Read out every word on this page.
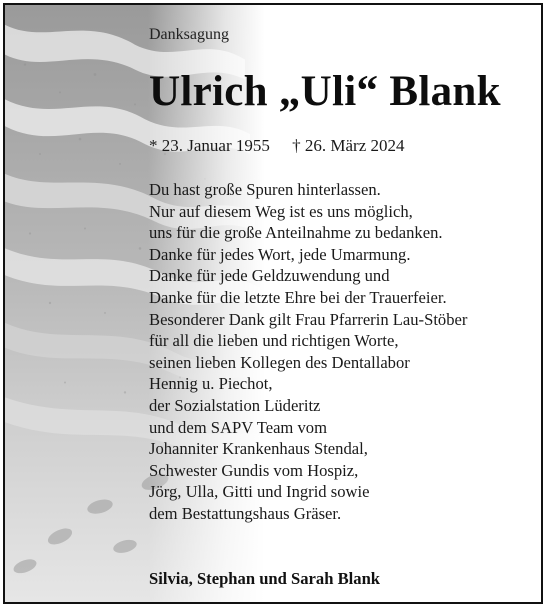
Danksagung
Ulrich „Uli“ Blank
* 23. Januar 1955 † 26. März 2024
Du hast große Spuren hinterlassen.
Nur auf diesem Weg ist es uns möglich,
uns für die große Anteilnahme zu bedanken.
Danke für jedes Wort, jede Umarmung.
Danke für jede Geldzuwendung und
Danke für die letzte Ehre bei der Trauerfeier.
Besonderer Dank gilt Frau Pfarrerin Lau-Stöber
für all die lieben und richtigen Worte,
seinen lieben Kollegen des Dentallabor
Hennig u. Piechot,
der Sozialstation Lüderitz
und dem SAPV Team vom
Johanniter Krankenhaus Stendal,
Schwester Gundis vom Hospiz,
Jörg, Ulla, Gitti und Ingrid sowie
dem Bestattungshaus Gräser.
Silvia, Stephan und Sarah Blank
